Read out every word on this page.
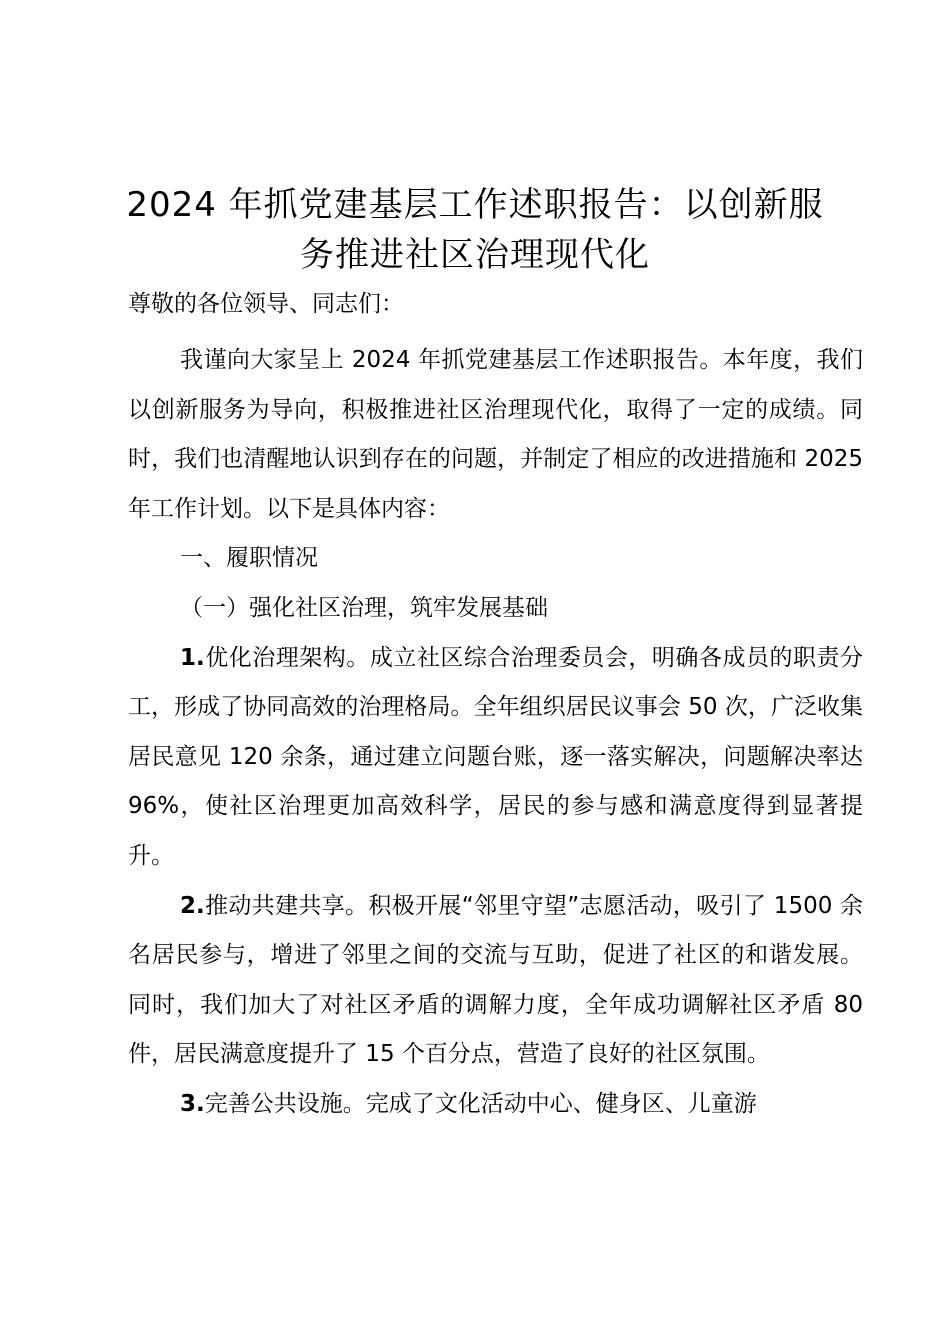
2024 年抓党建基层工作述职报告：以创新服
务推进社区治理现代化

尊敬的各位领导、同志们：

我谨向大家呈上 2024 年抓党建基层工作述职报告。本年度，我们以创新服务为导向，积极推进社区治理现代化，取得了一定的成绩。同时，我们也清醒地认识到存在的问题，并制定了相应的改进措施和 2025 年工作计划。以下是具体内容：

一、履职情况

（一）强化社区治理，筑牢发展基础

1.优化治理架构。成立社区综合治理委员会，明确各成员的职责分工，形成了协同高效的治理格局。全年组织居民议事会 50 次，广泛收集居民意见 120 余条，通过建立问题台账，逐一落实解决，问题解决率达 96%，使社区治理更加高效科学，居民的参与感和满意度得到显著提升。

2.推动共建共享。积极开展“邻里守望”志愿活动，吸引了 1500 余名居民参与，增进了邻里之间的交流与互助，促进了社区的和谐发展。同时，我们加大了对社区矛盾的调解力度，全年成功调解社区矛盾 80 件，居民满意度提升了 15 个百分点，营造了良好的社区氛围。

3.完善公共设施。完成了文化活动中心、健身区、儿童游
